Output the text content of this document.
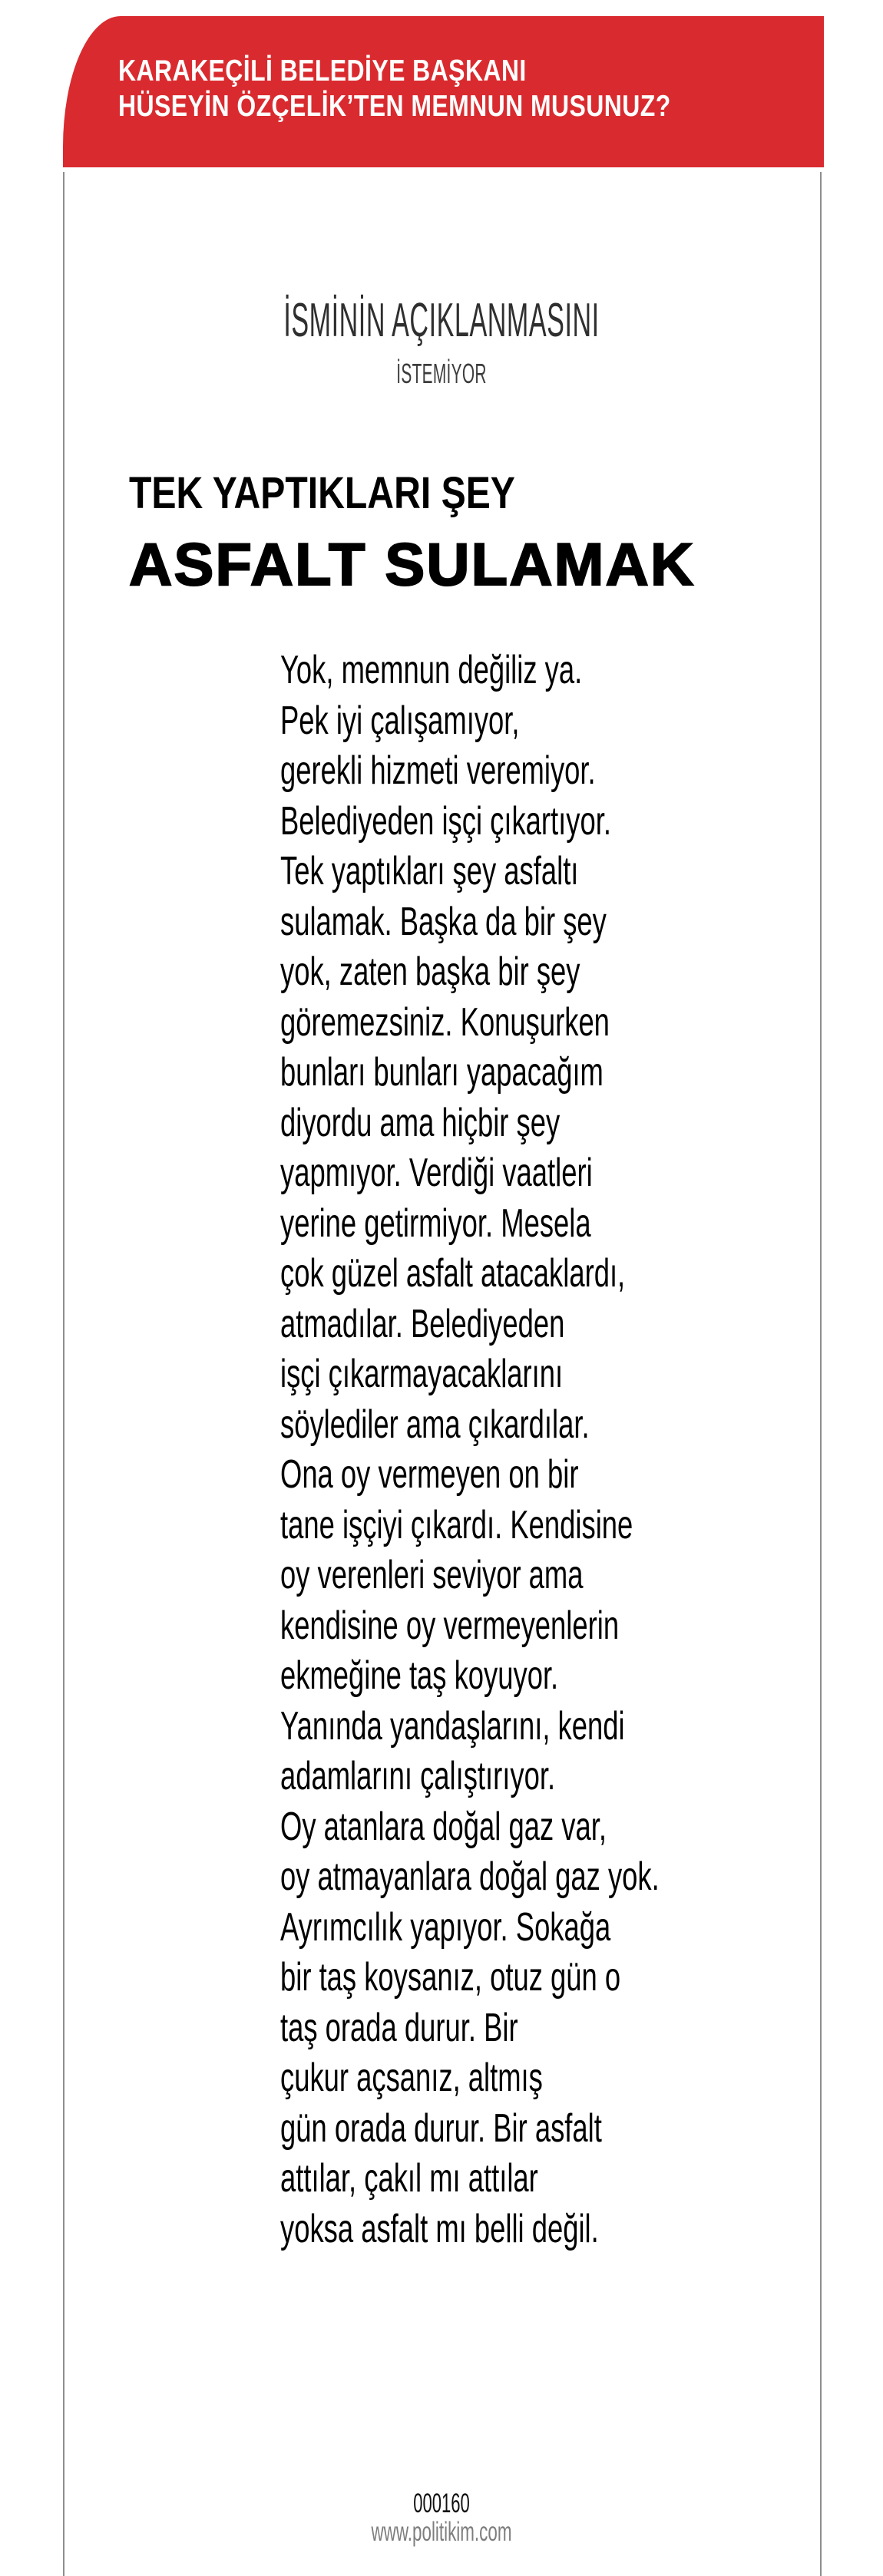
KARAKEÇİLİ BELEDİYE BAŞKANI
HÜSEYİN ÖZÇELİK’TEN MEMNUN MUSUNUZ?
İSMİNİN AÇIKLANMASINI
İSTEMİYOR
TEK YAPTIKLARI ŞEY
ASFALT SULAMAK
Yok, memnun değiliz ya.
Pek iyi çalışamıyor,
gerekli hizmeti veremiyor.
Belediyeden işçi çıkartıyor.
Tek yaptıkları şey asfaltı
sulamak. Başka da bir şey
yok, zaten başka bir şey
göremezsiniz. Konuşurken
bunları bunları yapacağım
diyordu ama hiçbir şey
yapmıyor. Verdiği vaatleri
yerine getirmiyor. Mesela
çok güzel asfalt atacaklardı,
atmadılar. Belediyeden
işçi çıkarmayacaklarını
söylediler ama çıkardılar.
Ona oy vermeyen on bir
tane işçiyi çıkardı. Kendisine
oy verenleri seviyor ama
kendisine oy vermeyenlerin
ekmeğine taş koyuyor.
Yanında yandaşlarını, kendi
adamlarını çalıştırıyor.
Oy atanlara doğal gaz var,
oy atmayanlara doğal gaz yok.
Ayrımcılık yapıyor. Sokağa
bir taş koysanız, otuz gün o
taş orada durur. Bir
çukur açsanız, altmış
gün orada durur. Bir asfalt
attılar, çakıl mı attılar
yoksa asfalt mı belli değil.
000160
www.politikim.com
